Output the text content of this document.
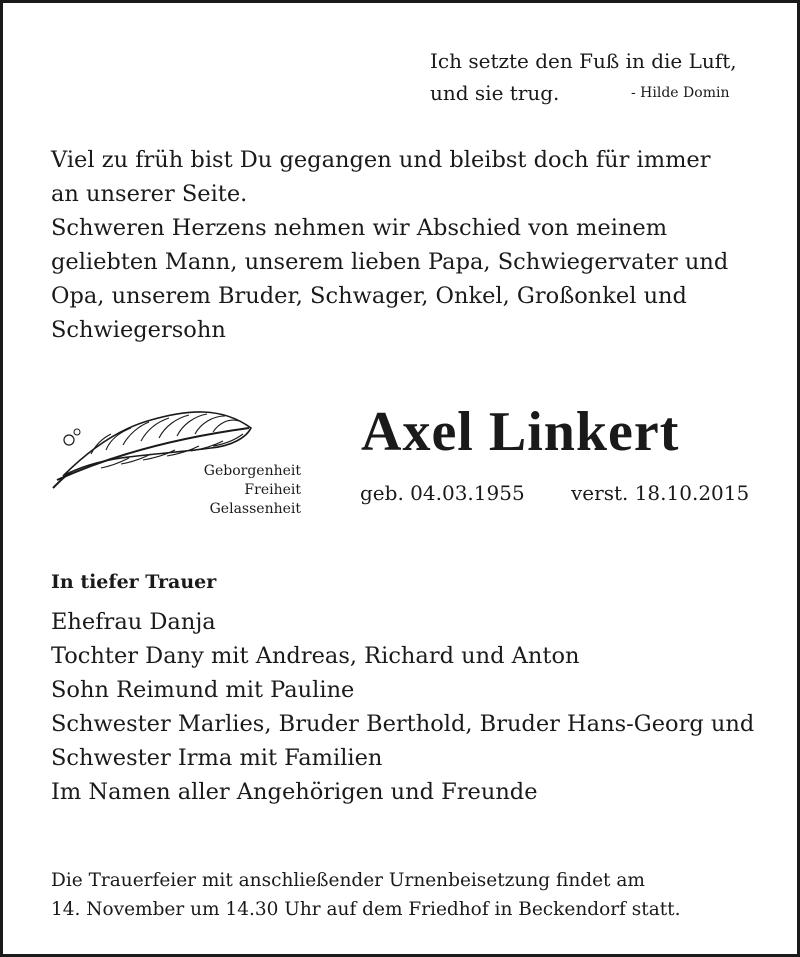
Ich setzte den Fuß in die Luft,
und sie trug.	- Hilde Domin
Viel zu früh bist Du gegangen und bleibst doch für immer
an unserer Seite.
Schweren Herzens nehmen wir Abschied von meinem
geliebten Mann, unserem lieben Papa, Schwiegervater und
Opa, unserem Bruder, Schwager, Onkel, Großonkel und
Schwiegersohn
Geborgenheit
Freiheit
Gelassenheit
Axel Linkert
geb. 04.03.1955 verst. 18.10.2015
In tiefer Trauer
Ehefrau Danja
Tochter Dany mit Andreas, Richard und Anton
Sohn Reimund mit Pauline
Schwester Marlies, Bruder Berthold, Bruder Hans-Georg und
Schwester Irma mit Familien
Im Namen aller Angehörigen und Freunde
Die Trauerfeier mit anschließender Urnenbeisetzung findet am
14. November um 14.30 Uhr auf dem Friedhof in Beckendorf statt.
